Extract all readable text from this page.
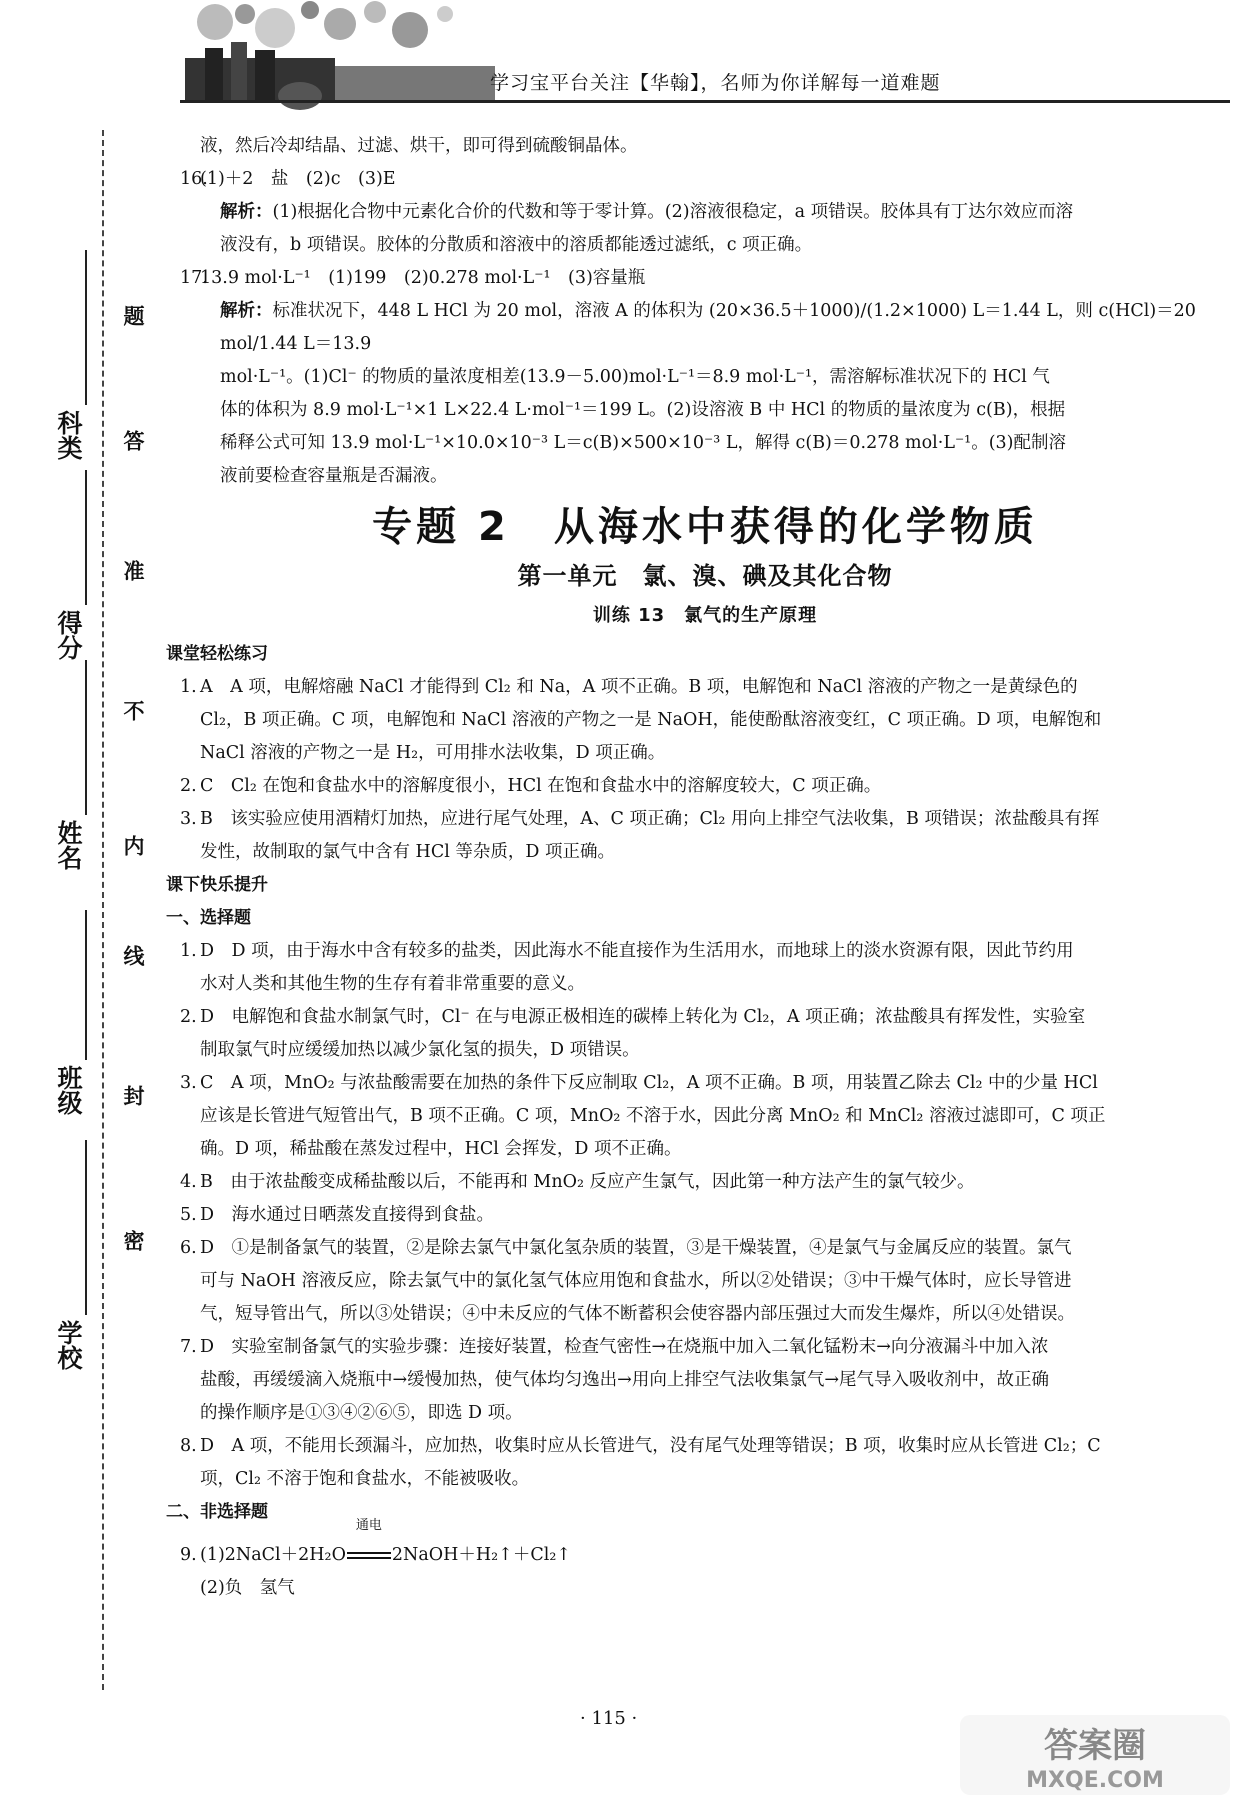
学习宝平台关注【华翰】，名师为你详解每一道难题
学校
班级
姓名
得分
科类
密
封
线
内
不
准
答
题

液，然后冷却结晶、过滤、烘干，即可得到硫酸铜晶体。

16.

(1)＋2　盐　(2)c　(3)E

解析：(1)根据化合物中元素化合价的代数和等于零计算。(2)溶液很稳定，a 项错误。胶体具有丁达尔效应而溶

液没有，b 项错误。胶体的分散质和溶液中的溶质都能透过滤纸，c 项正确。

17.

13.9 mol·L⁻¹　(1)199　(2)0.278 mol·L⁻¹　(3)容量瓶

解析：标准状况下，448 L HCl 为 20 mol，溶液 A 的体积为 (20×36.5＋1000)/(1.2×1000) L＝1.44 L，则 c(HCl)＝20 mol/1.44 L＝13.9

mol·L⁻¹。(1)Cl⁻ 的物质的量浓度相差(13.9－5.00)mol·L⁻¹＝8.9 mol·L⁻¹，需溶解标准状况下的 HCl 气

体的体积为 8.9 mol·L⁻¹×1 L×22.4 L·mol⁻¹＝199 L。(2)设溶液 B 中 HCl 的物质的量浓度为 c(B)，根据

稀释公式可知 13.9 mol·L⁻¹×10.0×10⁻³ L＝c(B)×500×10⁻³ L，解得 c(B)＝0.278 mol·L⁻¹。(3)配制溶

液前要检查容量瓶是否漏液。

专题 2　从海水中获得的化学物质
第一单元　氯、溴、碘及其化合物
训练 13　氯气的生产原理

课堂轻松练习

1. A　A 项，电解熔融 NaCl 才能得到 Cl₂ 和 Na，A 项不正确。B 项，电解饱和 NaCl 溶液的产物之一是黄绿色的

Cl₂，B 项正确。C 项，电解饱和 NaCl 溶液的产物之一是 NaOH，能使酚酞溶液变红，C 项正确。D 项，电解饱和

NaCl 溶液的产物之一是 H₂，可用排水法收集，D 项正确。

2. C　Cl₂ 在饱和食盐水中的溶解度很小，HCl 在饱和食盐水中的溶解度较大，C 项正确。

3. B　该实验应使用酒精灯加热，应进行尾气处理，A、C 项正确；Cl₂ 用向上排空气法收集，B 项错误；浓盐酸具有挥

发性，故制取的氯气中含有 HCl 等杂质，D 项正确。

课下快乐提升

一、选择题

1. D　D 项，由于海水中含有较多的盐类，因此海水不能直接作为生活用水，而地球上的淡水资源有限，因此节约用

水对人类和其他生物的生存有着非常重要的意义。

2. D　电解饱和食盐水制氯气时，Cl⁻ 在与电源正极相连的碳棒上转化为 Cl₂，A 项正确；浓盐酸具有挥发性，实验室

制取氯气时应缓缓加热以减少氯化氢的损失，D 项错误。

3. C　A 项，MnO₂ 与浓盐酸需要在加热的条件下反应制取 Cl₂，A 项不正确。B 项，用装置乙除去 Cl₂ 中的少量 HCl

应该是长管进气短管出气，B 项不正确。C 项，MnO₂ 不溶于水，因此分离 MnO₂ 和 MnCl₂ 溶液过滤即可，C 项正

确。D 项，稀盐酸在蒸发过程中，HCl 会挥发，D 项不正确。

4. B　由于浓盐酸变成稀盐酸以后，不能再和 MnO₂ 反应产生氯气，因此第一种方法产生的氯气较少。

5. D　海水通过日晒蒸发直接得到食盐。

6. D　①是制备氯气的装置，②是除去氯气中氯化氢杂质的装置，③是干燥装置，④是氯气与金属反应的装置。氯气

可与 NaOH 溶液反应，除去氯气中的氯化氢气体应用饱和食盐水，所以②处错误；③中干燥气体时，应长导管进

气，短导管出气，所以③处错误；④中未反应的气体不断蓄积会使容器内部压强过大而发生爆炸，所以④处错误。

7. D　实验室制备氯气的实验步骤：连接好装置，检查气密性→在烧瓶中加入二氧化锰粉末→向分液漏斗中加入浓

盐酸，再缓缓滴入烧瓶中→缓慢加热，使气体均匀逸出→用向上排空气法收集氯气→尾气导入吸收剂中，故正确

的操作顺序是①③④②⑥⑤，即选 D 项。

8. D　A 项，不能用长颈漏斗，应加热，收集时应从长管进气，没有尾气处理等错误；B 项，收集时应从长管进 Cl₂；C

项，Cl₂ 不溶于饱和食盐水，不能被吸收。

二、非选择题

9. (1)2NaCl＋2H₂O
通电
2NaOH＋H₂↑＋Cl₂↑

(2)负　氢气

· 115 ·
答案圈
MXQE.COM
